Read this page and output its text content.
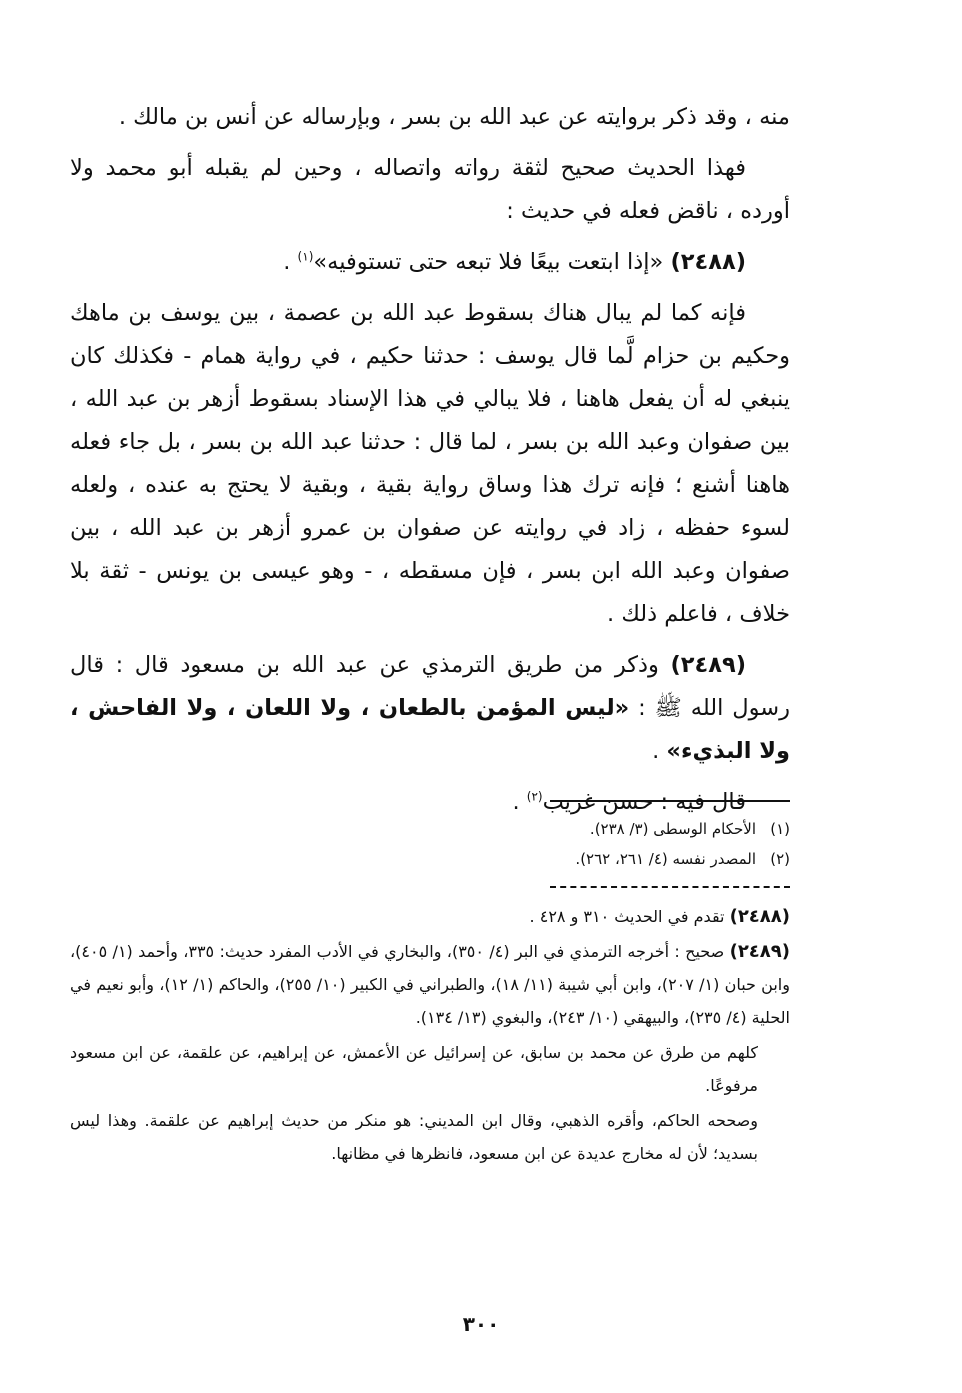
منه ، وقد ذكر بروايته عن عبد الله بن بسر ، وبإرساله عن أنس بن مالك .

فهذا الحديث صحيح لثقة رواته واتصاله ، وحين لم يقبله أبو محمد ولا أورده ، ناقض فعله في حديث :

(٢٤٨٨) «إذا ابتعت بيعًا فلا تبعه حتى تستوفيه»$^{(١)}$ .

فإنه كما لم يبال هناك بسقوط عبد الله بن عصمة ، بين يوسف بن ماهك وحكيم بن حزام لَّما قال يوسف : حدثنا حكيم ، في رواية همام - فكذلك كان ينبغي له أن يفعل هاهنا ، فلا يبالي في هذا الإسناد بسقوط أزهر بن عبد الله ، بين صفوان وعبد الله بن بسر ، لما قال : حدثنا عبد الله بن بسر ، بل جاء فعله هاهنا أشنع ؛ فإنه ترك هذا وساق رواية بقية ، وبقية لا يحتج به عنده ، ولعله لسوء حفظه ، زاد في روايته عن صفوان بن عمرو أزهر بن عبد الله ، بين صفوان وعبد الله ابن بسر ، فإن مسقطه ، - وهو عيسى بن يونس - ثقة بلا خلاف ، فاعلم ذلك .

(٢٤٨٩) وذكر من طريق الترمذي عن عبد الله بن مسعود قال : قال رسول الله ﷺ : «ليس المؤمن بالطعان ، ولا اللعان ، ولا الفاحش ، ولا البذيء» .

قال فيه : حسن غريب$^{(٢)}$ .

(١)الأحكام الوسطى (٣/ ٢٣٨).

(٢)المصدر نفسه (٤/ ٢٦١، ٢٦٢).

(٢٤٨٨) تقدم في الحديث ٣١٠ و ٤٢٨ .

(٢٤٨٩) صحيح : أخرجه الترمذي في البر (٤/ ٣٥٠)، والبخاري في الأدب المفرد حديث: ٣٣٥، وأحمد (١/ ٤٠٥)، وابن حبان (١/ ٢٠٧)، وابن أبي شيبة (١١/ ١٨)، والطبراني في الكبير (١٠/ ٢٥٥)، والحاكم (١/ ١٢)، وأبو نعيم في الحلية (٤/ ٢٣٥)، والبيهقي (١٠/ ٢٤٣)، والبغوي (١٣/ ١٣٤).

كلهم من طرق عن محمد بن سابق، عن إسرائيل عن الأعمش، عن إبراهيم، عن علقمة، عن ابن مسعود مرفوعًا.

وصححه الحاكم، وأقره الذهبي، وقال ابن المديني: هو منكر من حديث إبراهيم عن علقمة. وهذا ليس بسديد؛ لأن له مخارج عديدة عن ابن مسعود، فانظرها في مظانها.

٣٠٠
